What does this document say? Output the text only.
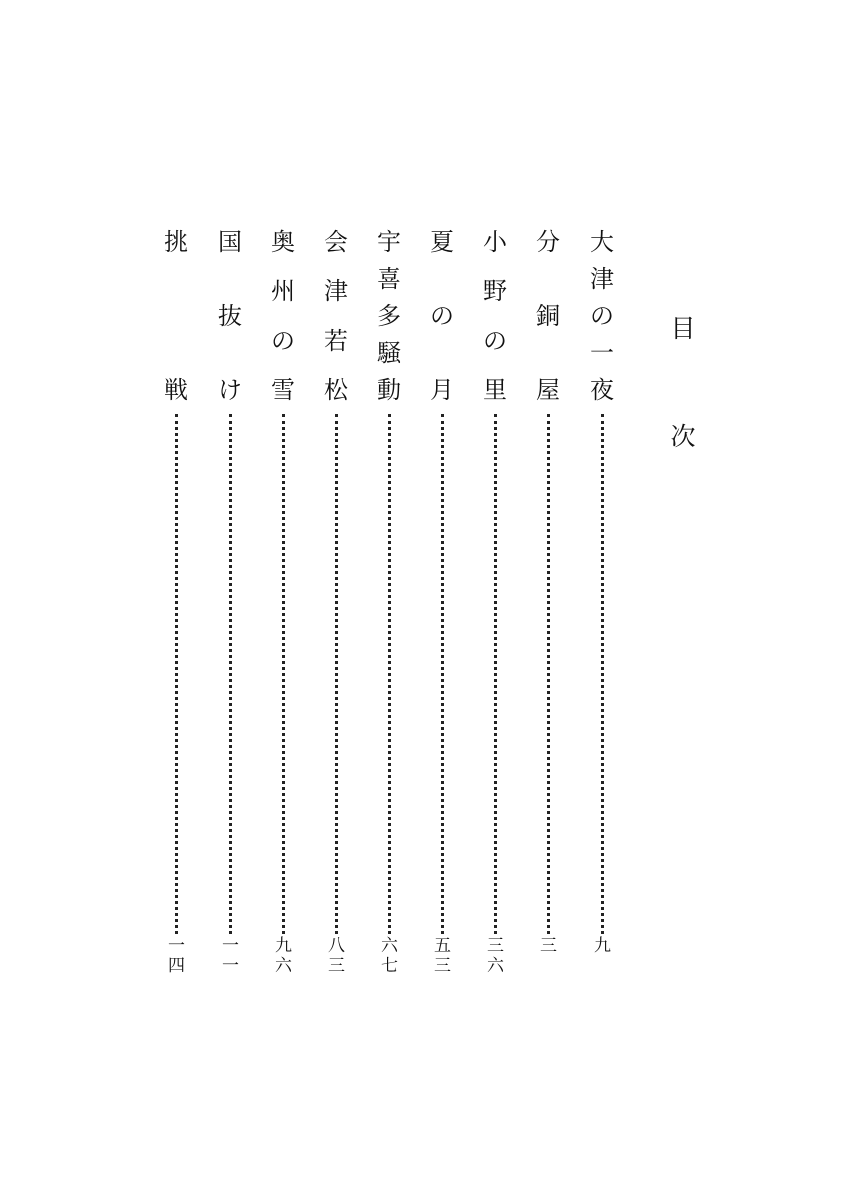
目
次
大
津
の
一
夜
九
分
銅
屋
三
小
野
の
里
三
六
夏
の
月
五
三
宇
喜
多
騒
動
六
七
会
津
若
松
八
三
奥
州
の
雪
九
六
国
抜
け
一
一
挑
戦
一
四
